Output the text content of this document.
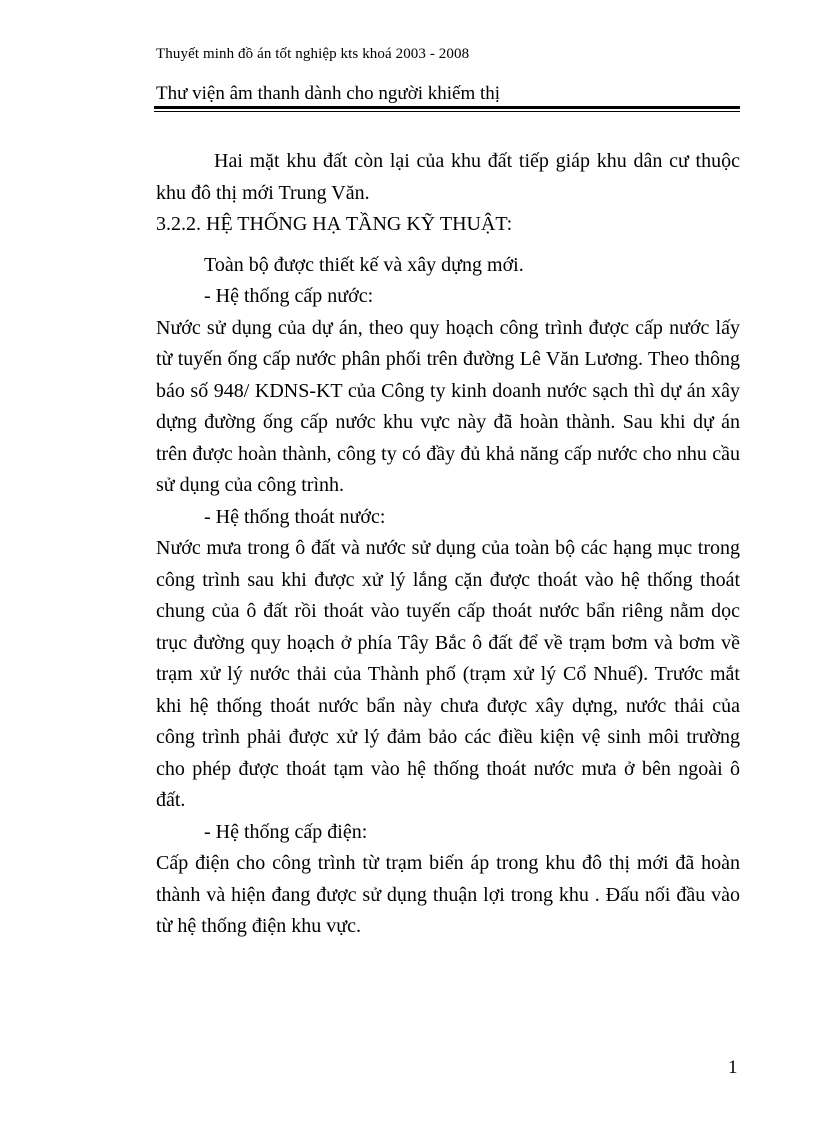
Thuyết minh đồ án tốt nghiệp kts khoá 2003 - 2008
Thư viện âm thanh dành cho người khiếm thị

Hai mặt khu đất còn lại của khu đất tiếp giáp khu dân cư thuộc khu đô thị mới Trung Văn.

3.2.2. HỆ THỐNG HẠ TẦNG KỸ THUẬT:

Toàn bộ được thiết kế và xây dựng mới.

- Hệ thống cấp nước:

Nước sử dụng của dự án, theo quy hoạch công trình được cấp nước lấy từ tuyến ống cấp nước phân phối trên đường Lê Văn Lương. Theo thông báo số 948/ KDNS-KT của Công ty kinh doanh nước sạch thì dự án xây dựng đường ống cấp nước khu vực này đã hoàn thành. Sau khi dự án trên được hoàn thành, công ty có đầy đủ khả năng cấp nước cho nhu cầu sử dụng của công trình.

- Hệ thống thoát nước:

Nước mưa trong ô đất và nước sử dụng của toàn bộ các hạng mục trong công trình sau khi được xử lý lắng cặn được thoát vào hệ thống thoát chung của ô đất rồi thoát vào tuyến cấp thoát nước bẩn riêng nằm dọc trục đường quy hoạch ở phía Tây Bắc ô đất để về trạm bơm và bơm về trạm xử lý nước thải của Thành phố (trạm xử lý Cổ Nhuế). Trước mắt khi hệ thống thoát nước bẩn này chưa được xây dựng, nước thải của công trình phải được xử lý đảm bảo các điều kiện vệ sinh môi trường cho phép được thoát tạm vào hệ thống thoát nước mưa ở bên ngoài ô đất.

- Hệ thống cấp điện:

Cấp điện cho công trình từ trạm biến áp trong khu đô thị mới đã hoàn thành và hiện đang được sử dụng thuận lợi trong khu . Đấu nối đầu vào từ hệ thống điện khu vực.

1
